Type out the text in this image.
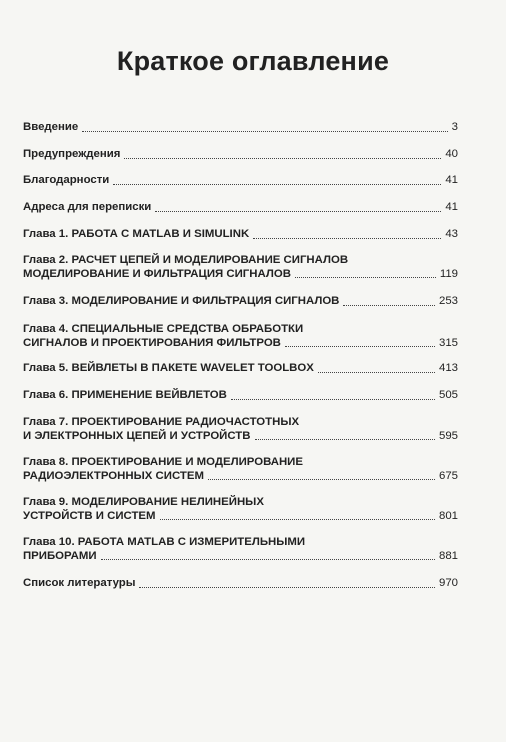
Краткое оглавление
Введение	3
Предупреждения	40
Благодарности	41
Адреса для переписки	41
Глава 1. РАБОТА С MATLAB И SIMULINK	43
Глава 2. РАСЧЕТ ЦЕПЕЙ И МОДЕЛИРОВАНИЕ СИГНАЛОВ
МОДЕЛИРОВАНИЕ И ФИЛЬТРАЦИЯ СИГНАЛОВ	119
Глава 3. МОДЕЛИРОВАНИЕ И ФИЛЬТРАЦИЯ СИГНАЛОВ	253
Глава 4. СПЕЦИАЛЬНЫЕ СРЕДСТВА ОБРАБОТКИ
СИГНАЛОВ И ПРОЕКТИРОВАНИЯ ФИЛЬТРОВ	315
Глава 5. ВЕЙВЛЕТЫ В ПАКЕТЕ WAVELET TOOLBOX	413
Глава 6. ПРИМЕНЕНИЕ ВЕЙВЛЕТОВ	505
Глава 7. ПРОЕКТИРОВАНИЕ РАДИОЧАСТОТНЫХ
И ЭЛЕКТРОННЫХ ЦЕПЕЙ И УСТРОЙСТВ	595
Глава 8. ПРОЕКТИРОВАНИЕ И МОДЕЛИРОВАНИЕ
РАДИОЭЛЕКТРОННЫХ СИСТЕМ	675
Глава 9. МОДЕЛИРОВАНИЕ НЕЛИНЕЙНЫХ
УСТРОЙСТВ И СИСТЕМ	801
Глава 10. РАБОТА MATLAB С ИЗМЕРИТЕЛЬНЫМИ
ПРИБОРАМИ	881
Список литературы	970
